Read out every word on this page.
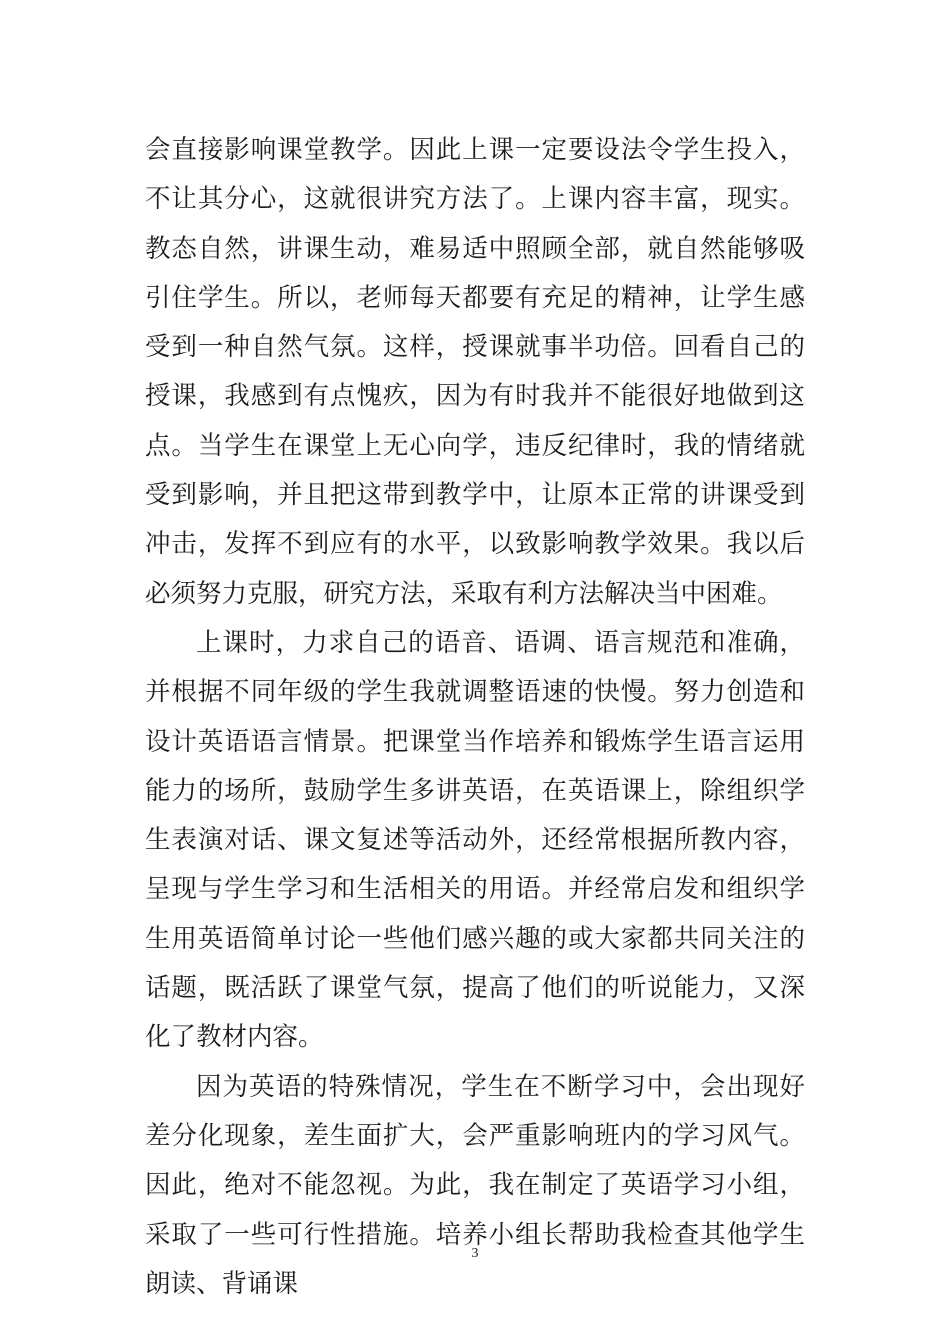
会直接影响课堂教学。因此上课一定要设法令学生投入，不让其分心，这就很讲究方法了。上课内容丰富，现实。教态自然，讲课生动，难易适中照顾全部，就自然能够吸引住学生。所以，老师每天都要有充足的精神，让学生感受到一种自然气氛。这样，授课就事半功倍。回看自己的授课，我感到有点愧疚，因为有时我并不能很好地做到这点。当学生在课堂上无心向学，违反纪律时，我的情绪就受到影响，并且把这带到教学中，让原本正常的讲课受到冲击，发挥不到应有的水平，以致影响教学效果。我以后必须努力克服，研究方法，采取有利方法解决当中困难。

上课时，力求自己的语音、语调、语言规范和准确，并根据不同年级的学生我就调整语速的快慢。努力创造和设计英语语言情景。把课堂当作培养和锻炼学生语言运用能力的场所，鼓励学生多讲英语，在英语课上，除组织学生表演对话、课文复述等活动外，还经常根据所教内容，呈现与学生学习和生活相关的用语。并经常启发和组织学生用英语简单讨论一些他们感兴趣的或大家都共同关注的话题，既活跃了课堂气氛，提高了他们的听说能力，又深化了教材内容。

因为英语的特殊情况，学生在不断学习中，会出现好差分化现象，差生面扩大，会严重影响班内的学习风气。因此，绝对不能忽视。为此，我在制定了英语学习小组，采取了一些可行性措施。培养小组长帮助我检查其他学生朗读、背诵课

3
